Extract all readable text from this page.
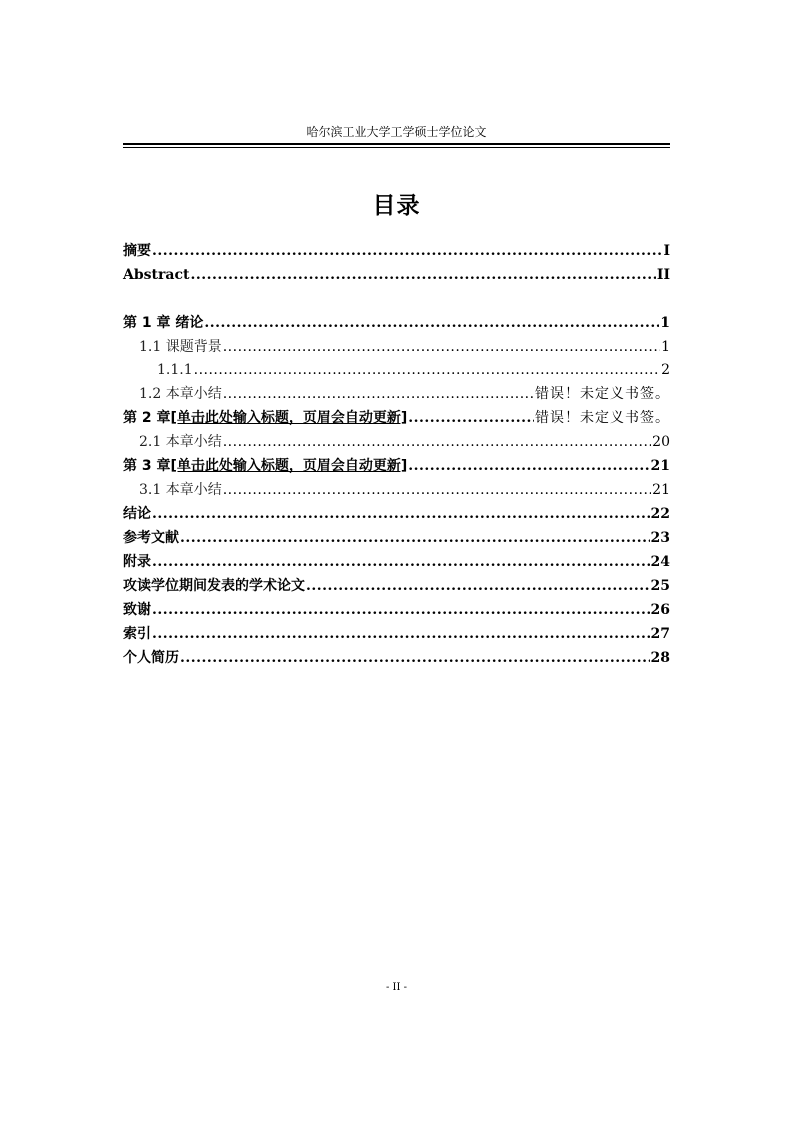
哈尔滨工业大学工学硕士学位论文
目录
摘要 .....	I
Abstract .....	II
第 1 章 绪论 .....	1
1.1 课题背景 .....	1
1.1.1 .....	2
1.2 本章小结 .....	错误！未定义书签。
第 2 章 [单击此处输入标题，页眉会自动更新] .....	错误！未定义书签。
2.1 本章小结 .....	20
第 3 章 [单击此处输入标题，页眉会自动更新] .....	21
3.1 本章小结 .....	21
结论 .....	22
参考文献 .....	23
附录 .....	24
攻读学位期间发表的学术论文 .....	25
致谢 .....	26
索引 .....	27
个人简历 .....	28
- II -
